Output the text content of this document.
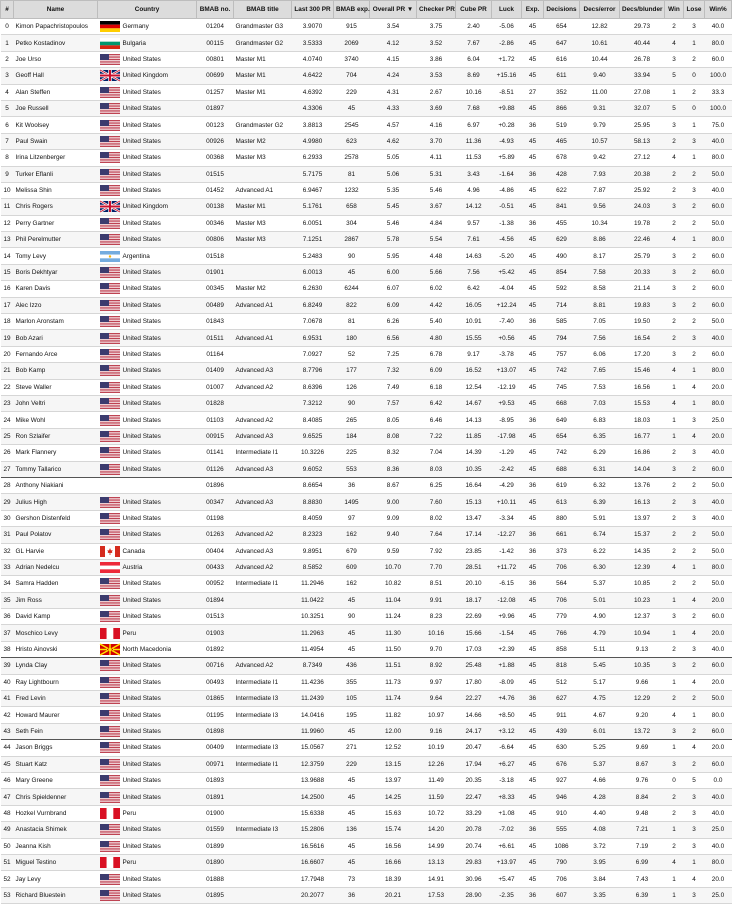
#	Name	Country	BMAB no.	BMAB title	Last 300 PR	BMAB exp.	Overall PR ▼	Checker PR	Cube PR	Luck	Exp.	Decisions	Decs/error	Decs/blunder	Win	Lose	Win%
0	Kimon Papachristopoulos	Germany	01204	Grandmaster G3	3.9070	915	3.54	3.75	2.40	-5.06	45	654	12.82	29.73	2	3	40.0
1	Petko Kostadinov	Bulgaria	00115	Grandmaster G2	3.5333	2069	4.12	3.52	7.67	-2.86	45	647	10.61	40.44	4	1	80.0
2	Joe Urso	United States	00801	Master M1	4.0740	3740	4.15	3.86	6.04	+1.72	45	616	10.44	26.78	3	2	60.0
3	Geoff Hall	United Kingdom	00699	Master M1	4.6422	704	4.24	3.53	8.69	+15.16	45	611	9.40	33.94	5	0	100.0
4	Alan Steffen	United States	01257	Master M1	4.6392	229	4.31	2.67	10.16	-8.51	27	352	11.00	27.08	1	2	33.3
5	Joe Russell	United States	01897		4.3306	45	4.33	3.69	7.68	+9.88	45	866	9.31	32.07	5	0	100.0
6	Kit Woolsey	United States	00123	Grandmaster G2	3.8813	2545	4.57	4.16	6.97	+0.28	36	519	9.79	25.95	3	1	75.0
7	Paul Swain	United States	00926	Master M2	4.9980	623	4.62	3.70	11.36	-4.93	45	465	10.57	58.13	2	3	40.0
8	Irina Litzenberger	United States	00368	Master M3	6.2933	2578	5.05	4.11	11.53	+5.89	45	678	9.42	27.12	4	1	80.0
9	Turker Eflanli	United States	01515		5.7175	81	5.06	5.31	3.43	-1.64	36	428	7.93	20.38	2	2	50.0
10	Melissa Shin	United States	01452	Advanced A1	6.9467	1232	5.35	5.46	4.96	-4.86	45	622	7.87	25.92	2	3	40.0
11	Chris Rogers	United Kingdom	00138	Master M1	5.1761	658	5.45	3.67	14.12	-0.51	45	841	9.56	24.03	3	2	60.0
12	Perry Gartner	United States	00346	Master M3	6.0051	304	5.46	4.84	9.57	-1.38	36	455	10.34	19.78	2	2	50.0
13	Phil Perelmutter	United States	00806	Master M3	7.1251	2867	5.78	5.54	7.61	-4.56	45	629	8.86	22.46	4	1	80.0
14	Tomy Levy	Argentina	01518		5.2483	90	5.95	4.48	14.63	-5.20	45	490	8.17	25.79	3	2	60.0
15	Boris Dekhtyar	United States	01901		6.0013	45	6.00	5.66	7.56	+5.42	45	854	7.58	20.33	3	2	60.0
16	Karen Davis	United States	00345	Master M2	6.2630	6244	6.07	6.02	6.42	-4.04	45	592	8.58	21.14	3	2	60.0
17	Alec Izzo	United States	00489	Advanced A1	6.8249	822	6.09	4.42	16.05	+12.24	45	714	8.81	19.83	3	2	60.0
18	Marlon Aronstam	United States	01843		7.0678	81	6.26	5.40	10.91	-7.40	36	585	7.05	19.50	2	2	50.0
19	Bob Azari	United States	01511	Advanced A1	6.9531	180	6.56	4.80	15.55	+0.56	45	794	7.56	16.54	2	3	40.0
20	Fernando Arce	United States	01164		7.0927	52	7.25	6.78	9.17	-3.78	45	757	6.06	17.20	3	2	60.0
21	Bob Kamp	United States	01409	Advanced A3	8.7796	177	7.32	6.09	16.52	+13.07	45	742	7.65	15.46	4	1	80.0
22	Steve Waller	United States	01007	Advanced A2	8.6396	126	7.49	6.18	12.54	-12.19	45	745	7.53	16.56	1	4	20.0
23	John Veltri	United States	01828		7.3212	90	7.57	6.42	14.67	+9.53	45	668	7.03	15.53	4	1	80.0
24	Mike Wohl	United States	01103	Advanced A2	8.4085	265	8.05	6.46	14.13	-8.95	36	649	6.83	18.03	1	3	25.0
25	Ron Szlaifer	United States	00915	Advanced A3	9.6525	184	8.08	7.22	11.85	-17.98	45	654	6.35	16.77	1	4	20.0
26	Mark Flannery	United States	01141	Intermediate I1	10.3226	225	8.32	7.04	14.39	-1.29	45	742	6.29	16.86	2	3	40.0
27	Tommy Tallarico	United States	01126	Advanced A3	9.6052	553	8.36	8.03	10.35	-2.42	45	688	6.31	14.04	3	2	60.0
28	Anthony Niakiani		01896		8.6654	36	8.67	6.25	16.64	-4.29	36	619	6.32	13.76	2	2	50.0
29	Julius High	United States	00347	Advanced A3	8.8830	1495	9.00	7.60	15.13	+10.11	45	613	6.39	16.13	2	3	40.0
30	Gershon Distenfeld	United States	01198		8.4059	97	9.09	8.02	13.47	-3.34	45	880	5.91	13.97	2	3	40.0
31	Paul Polatov	United States	01263	Advanced A2	8.2323	162	9.40	7.64	17.14	-12.27	36	661	6.74	15.37	2	2	50.0
32	GL Harvie	Canada	00404	Advanced A3	9.8951	679	9.59	7.92	23.85	-1.42	36	373	6.22	14.35	2	2	50.0
33	Adrian Nedelcu	Austria	00433	Advanced A2	8.5852	609	10.70	7.70	28.51	+11.72	45	706	6.30	12.39	4	1	80.0
34	Samra Hadden	United States	00952	Intermediate I1	11.2946	162	10.82	8.51	20.10	-6.15	36	564	5.37	10.85	2	2	50.0
35	Jim Ross	United States	01894		11.0422	45	11.04	9.91	18.17	-12.08	45	706	5.01	10.23	1	4	20.0
36	David Kamp	United States	01513		10.3251	90	11.24	8.23	22.69	+9.96	45	779	4.90	12.37	3	2	60.0
37	Moschico Levy	Peru	01903		11.2963	45	11.30	10.16	15.66	-1.54	45	766	4.79	10.94	1	4	20.0
38	Hristo Ainovski	North Macedonia	01892		11.4954	45	11.50	9.70	17.03	+2.39	45	858	5.11	9.13	2	3	40.0
39	Lynda Clay	United States	00716	Advanced A2	8.7349	436	11.51	8.92	25.48	+1.88	45	818	5.45	10.35	3	2	60.0
40	Ray Lightbourn	United States	00493	Intermediate I1	11.4236	355	11.73	9.97	17.80	-8.09	45	512	5.17	9.66	1	4	20.0
41	Fred Levin	United States	01865	Intermediate I3	11.2439	105	11.74	9.64	22.27	+4.76	36	627	4.75	12.29	2	2	50.0
42	Howard Maurer	United States	01195	Intermediate I3	14.0416	195	11.82	10.97	14.66	+8.50	45	911	4.67	9.20	4	1	80.0
43	Seth Fein	United States	01898		11.9960	45	12.00	9.16	24.17	+3.12	45	439	6.01	13.72	3	2	60.0
44	Jason Briggs	United States	00409	Intermediate I3	15.0567	271	12.52	10.19	20.47	-6.64	45	630	5.25	9.69	1	4	20.0
45	Stuart Katz	United States	00971	Intermediate I1	12.3759	229	13.15	12.26	17.94	+6.27	45	676	5.37	8.67	3	2	60.0
46	Mary Greene	United States	01893		13.9688	45	13.97	11.49	20.35	-3.18	45	927	4.66	9.76	0	5	0.0
47	Chris Spieldenner	United States	01891		14.2500	45	14.25	11.59	22.47	+8.33	45	946	4.28	8.84	2	3	40.0
48	Hozkel Vurnbrand	Peru	01900		15.6338	45	15.63	10.72	33.29	+1.08	45	910	4.40	9.48	2	3	40.0
49	Anastacia Shimek	United States	01559	Intermediate I3	15.2806	136	15.74	14.20	20.78	-7.02	36	555	4.08	7.21	1	3	25.0
50	Jeanna Kish	United States	01899		16.5616	45	16.56	14.99	20.74	+6.61	45	1086	3.72	7.19	2	3	40.0
51	Miguel Testino	Peru	01890		16.6607	45	16.66	13.13	29.83	+13.97	45	790	3.95	6.99	4	1	80.0
52	Jay Levy	United States	01888		17.7948	73	18.39	14.91	30.96	+5.47	45	706	3.84	7.43	1	4	20.0
53	Richard Bluestein	United States	01895		20.2077	36	20.21	17.53	28.90	-2.35	36	607	3.35	6.39	1	3	25.0
